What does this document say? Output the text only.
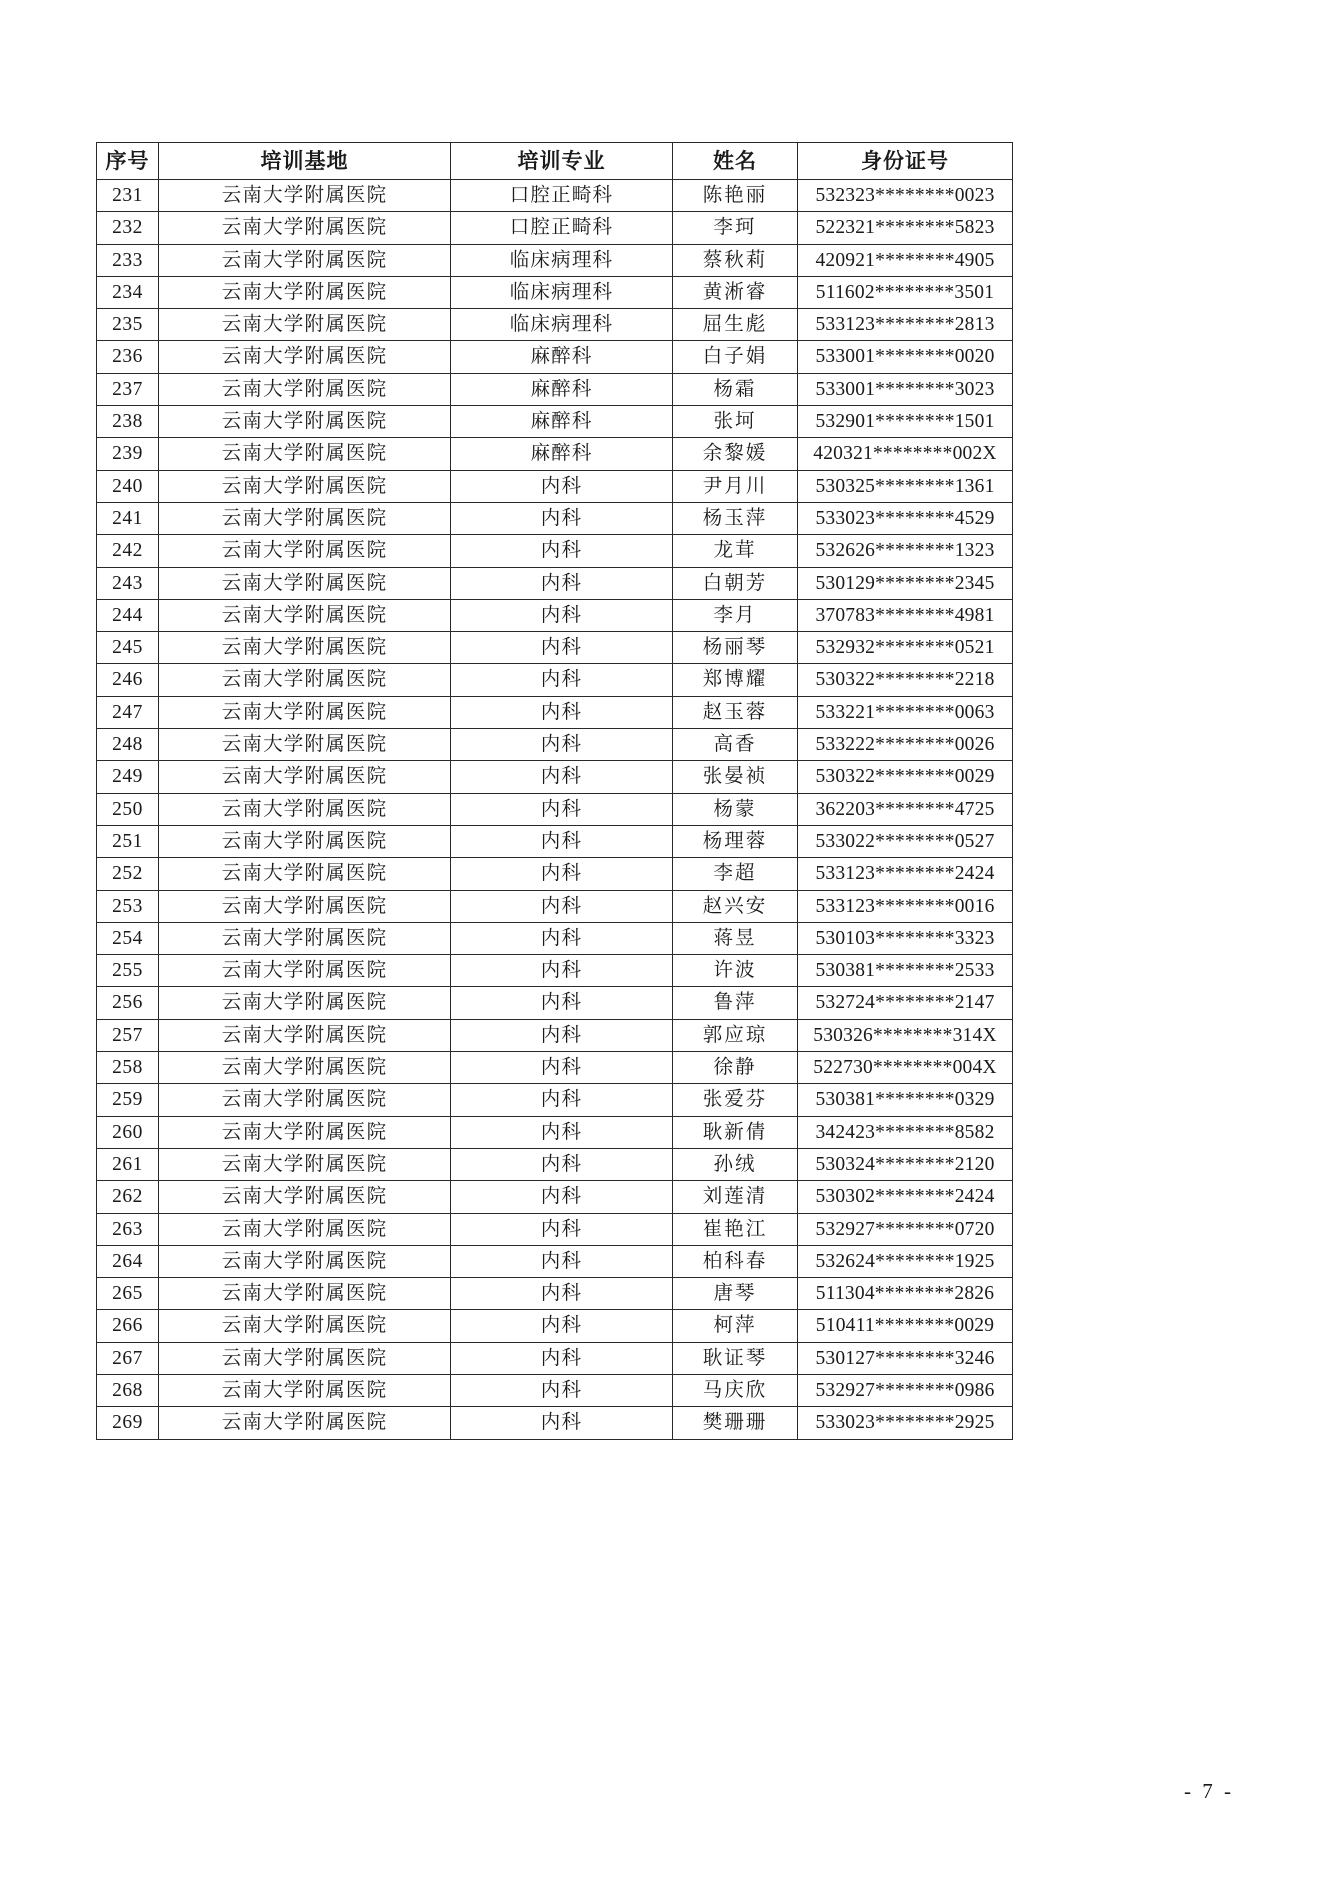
序号	培训基地	培训专业	姓名	身份证号
231	云南大学附属医院	口腔正畸科	陈艳丽	532323********0023
232	云南大学附属医院	口腔正畸科	李珂	522321********5823
233	云南大学附属医院	临床病理科	蔡秋莉	420921********4905
234	云南大学附属医院	临床病理科	黄淅睿	511602********3501
235	云南大学附属医院	临床病理科	屈生彪	533123********2813
236	云南大学附属医院	麻醉科	白子娟	533001********0020
237	云南大学附属医院	麻醉科	杨霜	533001********3023
238	云南大学附属医院	麻醉科	张坷	532901********1501
239	云南大学附属医院	麻醉科	余黎媛	420321********002X
240	云南大学附属医院	内科	尹月川	530325********1361
241	云南大学附属医院	内科	杨玉萍	533023********4529
242	云南大学附属医院	内科	龙茸	532626********1323
243	云南大学附属医院	内科	白朝芳	530129********2345
244	云南大学附属医院	内科	李月	370783********4981
245	云南大学附属医院	内科	杨丽琴	532932********0521
246	云南大学附属医院	内科	郑博耀	530322********2218
247	云南大学附属医院	内科	赵玉蓉	533221********0063
248	云南大学附属医院	内科	高香	533222********0026
249	云南大学附属医院	内科	张晏祯	530322********0029
250	云南大学附属医院	内科	杨蒙	362203********4725
251	云南大学附属医院	内科	杨理蓉	533022********0527
252	云南大学附属医院	内科	李超	533123********2424
253	云南大学附属医院	内科	赵兴安	533123********0016
254	云南大学附属医院	内科	蒋昱	530103********3323
255	云南大学附属医院	内科	许波	530381********2533
256	云南大学附属医院	内科	鲁萍	532724********2147
257	云南大学附属医院	内科	郭应琼	530326********314X
258	云南大学附属医院	内科	徐静	522730********004X
259	云南大学附属医院	内科	张爱芬	530381********0329
260	云南大学附属医院	内科	耿新倩	342423********8582
261	云南大学附属医院	内科	孙绒	530324********2120
262	云南大学附属医院	内科	刘莲清	530302********2424
263	云南大学附属医院	内科	崔艳江	532927********0720
264	云南大学附属医院	内科	柏科春	532624********1925
265	云南大学附属医院	内科	唐琴	511304********2826
266	云南大学附属医院	内科	柯萍	510411********0029
267	云南大学附属医院	内科	耿证琴	530127********3246
268	云南大学附属医院	内科	马庆欣	532927********0986
269	云南大学附属医院	内科	樊珊珊	533023********2925
- 7 -
